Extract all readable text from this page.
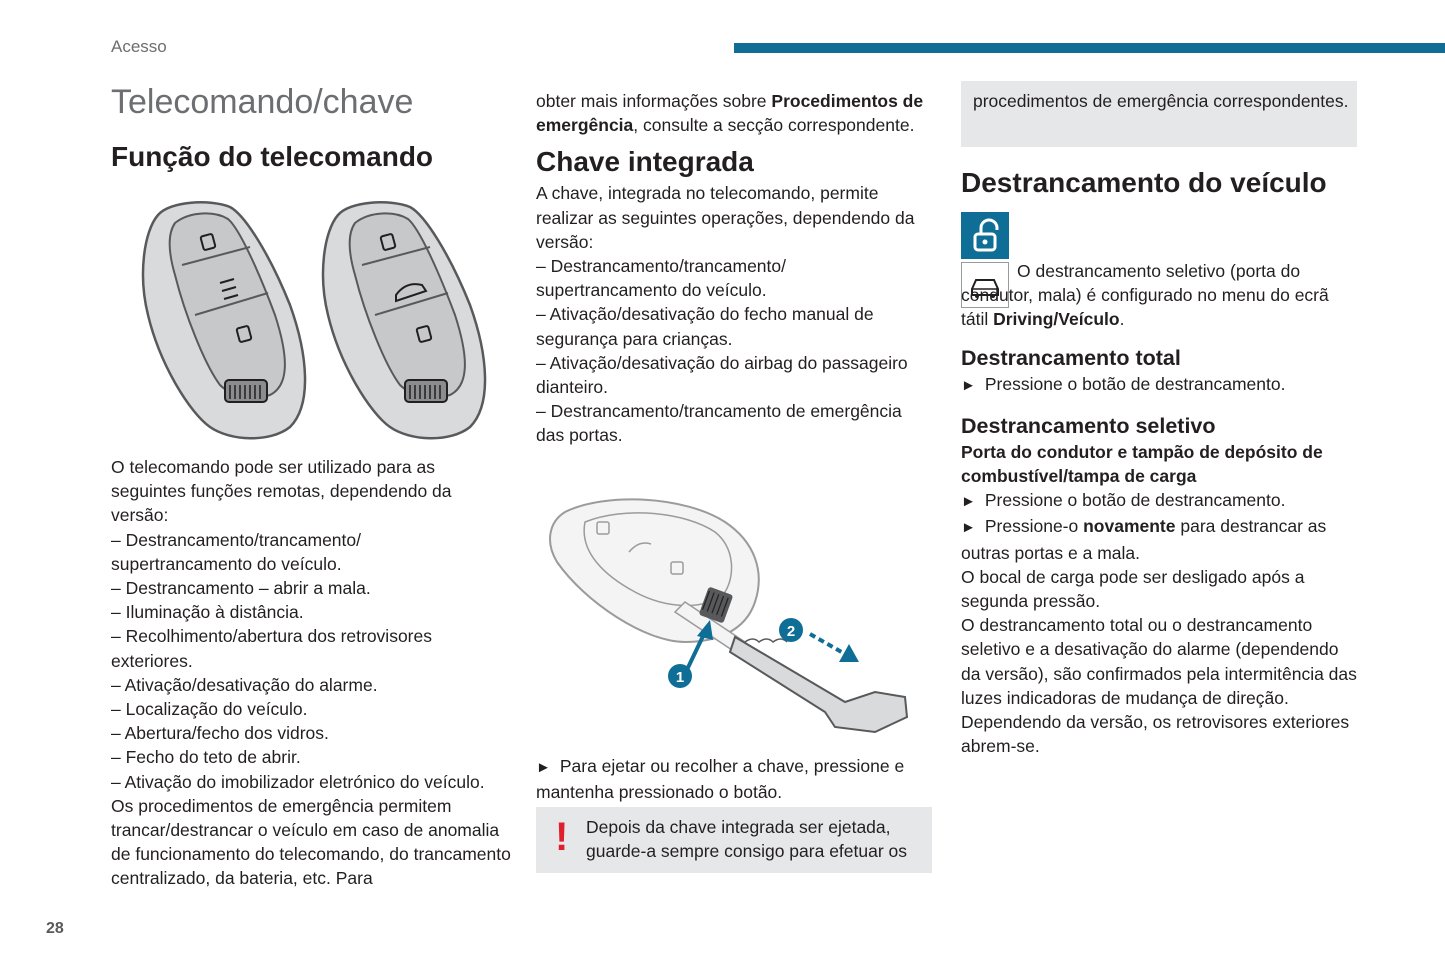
Acesso
28
Telecomando/chave
Função do telecomando

O telecomando pode ser utilizado para as seguintes funções remotas, dependendo da versão:

– Destrancamento/trancamento/

supertrancamento do veículo.

– Destrancamento – abrir a mala.

– Iluminação à distância.

– Recolhimento/abertura dos retrovisores

exteriores.

– Ativação/desativação do alarme.

– Localização do veículo.

– Abertura/fecho dos vidros.

– Fecho do teto de abrir.

– Ativação do imobilizador eletrónico do veículo.

Os procedimentos de emergência permitem trancar/destrancar o veículo em caso de anomalia de funcionamento do telecomando, do trancamento centralizado, da bateria, etc. Para

obter mais informações sobre Procedimentos de emergência, consulte a secção correspondente.

Chave integrada

A chave, integrada no telecomando, permite realizar as seguintes operações, dependendo da versão:

– Destrancamento/trancamento/

supertrancamento do veículo.

– Ativação/desativação do fecho manual de

segurança para crianças.

– Ativação/desativação do airbag do passageiro

dianteiro.

– Destrancamento/trancamento de emergência

das portas.

1
2

► Para ejetar ou recolher a chave, pressione e mantenha pressionado o botão.

! Depois da chave integrada ser ejetada, guarde-a sempre consigo para efetuar os
procedimentos de emergência correspondentes.
Destrancamento do veículo

O destrancamento seletivo (porta do condutor, mala) é configurado no menu do ecrã tátil Driving/Veículo.

Destrancamento total

► Pressione o botão de destrancamento.

Destrancamento seletivo

Porta do condutor e tampão de depósito de combustível/tampa de carga

► Pressione o botão de destrancamento.

► Pressione-o novamente para destrancar as outras portas e a mala.

O bocal de carga pode ser desligado após a segunda pressão.

O destrancamento total ou o destrancamento seletivo e a desativação do alarme (dependendo da versão), são confirmados pela intermitência das luzes indicadoras de mudança de direção.

Dependendo da versão, os retrovisores exteriores abrem-se.
